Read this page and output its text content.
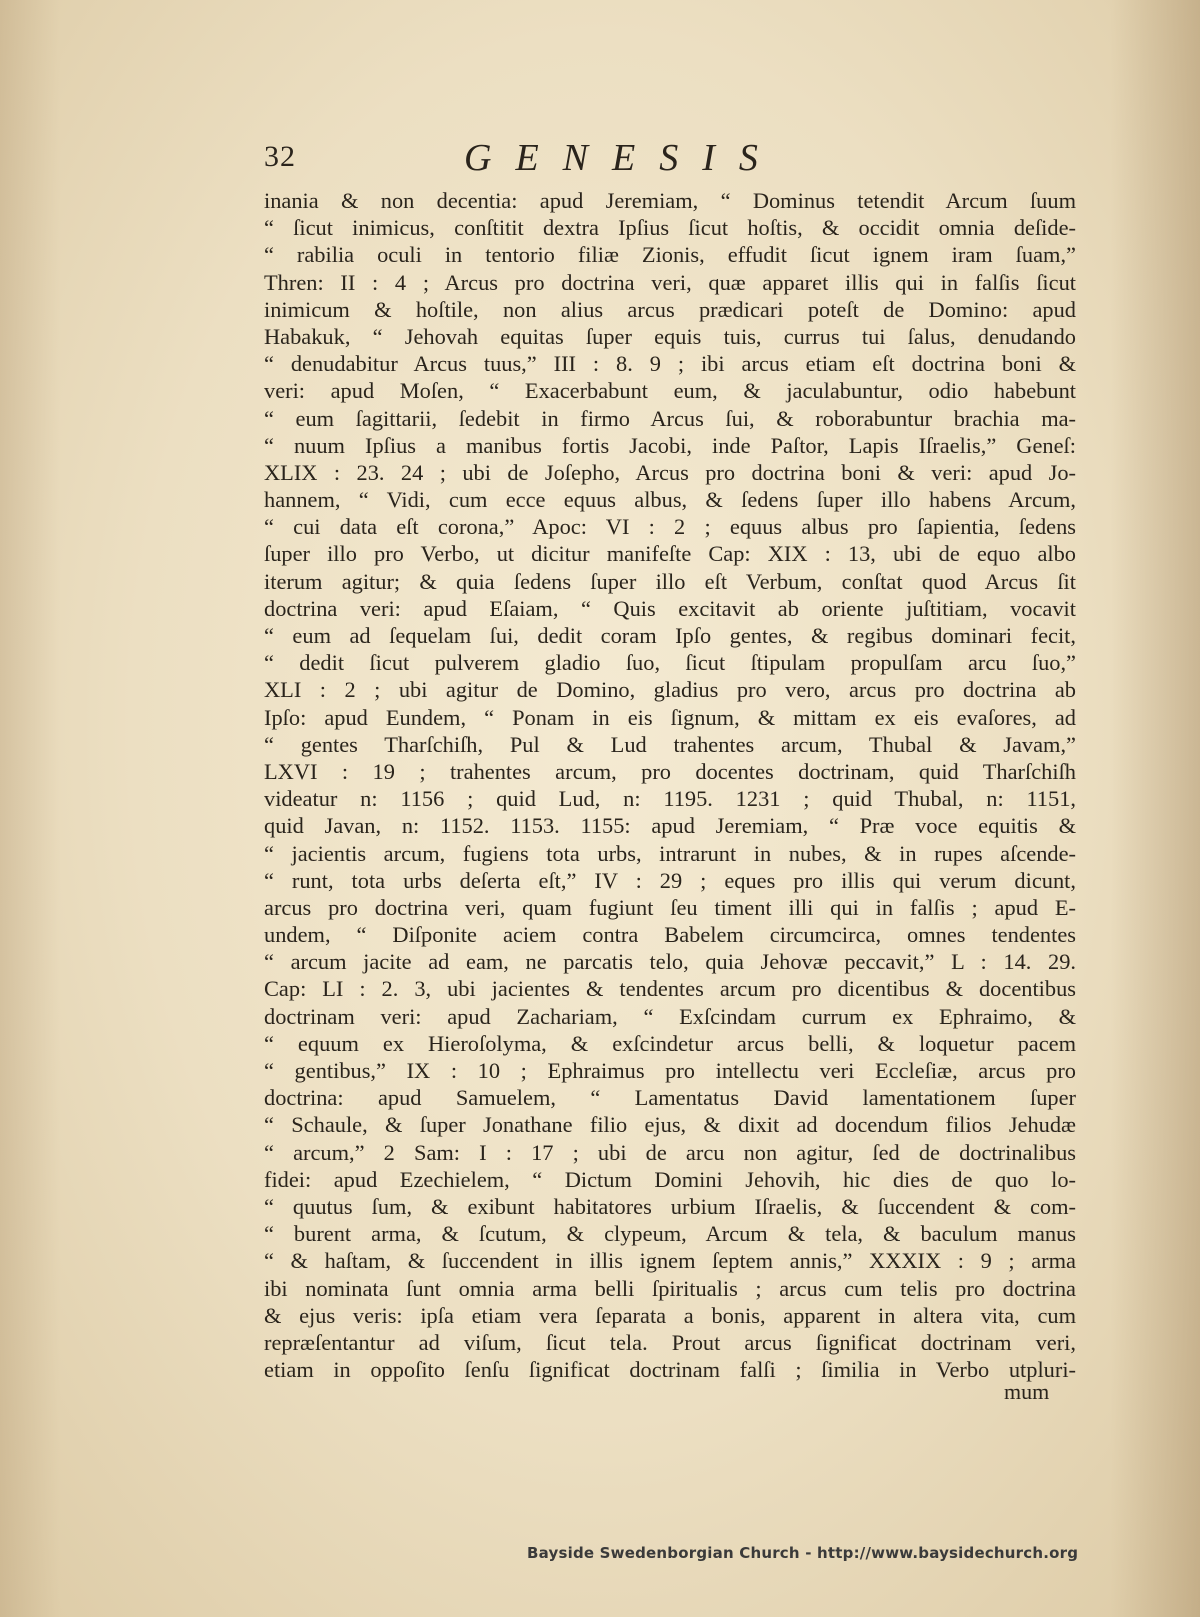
32	GENESIS
inania & non decentia: apud Jeremiam, “ Dominus tetendit Arcum ſuum
“ ſicut inimicus, conſtitit dextra Ipſius ſicut hoſtis, & occidit omnia deſide-
“ rabilia oculi in tentorio filiæ Zionis, effudit ſicut ignem iram ſuam,”
Thren: II : 4 ; Arcus pro doctrina veri, quæ apparet illis qui in falſis ſicut
inimicum & hoſtile, non alius arcus prædicari poteſt de Domino: apud
Habakuk, “ Jehovah equitas ſuper equis tuis, currus tui ſalus, denudando
“ denudabitur Arcus tuus,” III : 8. 9 ; ibi arcus etiam eſt doctrina boni &
veri: apud Moſen, “ Exacerbabunt eum, & jaculabuntur, odio habebunt
“ eum ſagittarii, ſedebit in firmo Arcus ſui, & roborabuntur brachia ma-
“ nuum Ipſius a manibus fortis Jacobi, inde Paſtor, Lapis Iſraelis,” Geneſ:
XLIX : 23. 24 ; ubi de Joſepho, Arcus pro doctrina boni & veri: apud Jo-
hannem, “ Vidi, cum ecce equus albus, & ſedens ſuper illo habens Arcum,
“ cui data eſt corona,” Apoc: VI : 2 ; equus albus pro ſapientia, ſedens
ſuper illo pro Verbo, ut dicitur manifeſte Cap: XIX : 13, ubi de equo albo
iterum agitur; & quia ſedens ſuper illo eſt Verbum, conſtat quod Arcus ſit
doctrina veri: apud Eſaiam, “ Quis excitavit ab oriente juſtitiam, vocavit
“ eum ad ſequelam ſui, dedit coram Ipſo gentes, & regibus dominari fecit,
“ dedit ſicut pulverem gladio ſuo, ſicut ſtipulam propulſam arcu ſuo,”
XLI : 2 ; ubi agitur de Domino, gladius pro vero, arcus pro doctrina ab
Ipſo: apud Eundem, “ Ponam in eis ſignum, & mittam ex eis evaſores, ad
“ gentes Tharſchiſh, Pul & Lud trahentes arcum, Thubal & Javam,”
LXVI : 19 ; trahentes arcum, pro docentes doctrinam, quid Tharſchiſh
videatur n: 1156 ; quid Lud, n: 1195. 1231 ; quid Thubal, n: 1151,
quid Javan, n: 1152. 1153. 1155: apud Jeremiam, “ Præ voce equitis &
“ jacientis arcum, fugiens tota urbs, intrarunt in nubes, & in rupes aſcende-
“ runt, tota urbs deſerta eſt,” IV : 29 ; eques pro illis qui verum dicunt,
arcus pro doctrina veri, quam fugiunt ſeu timent illi qui in falſis ; apud E-
undem, “ Diſponite aciem contra Babelem circumcirca, omnes tendentes
“ arcum jacite ad eam, ne parcatis telo, quia Jehovæ peccavit,” L : 14. 29.
Cap: LI : 2. 3, ubi jacientes & tendentes arcum pro dicentibus & docentibus
doctrinam veri: apud Zachariam, “ Exſcindam currum ex Ephraimo, &
“ equum ex Hieroſolyma, & exſcindetur arcus belli, & loquetur pacem
“ gentibus,” IX : 10 ; Ephraimus pro intellectu veri Eccleſiæ, arcus pro
doctrina: apud Samuelem, “ Lamentatus David lamentationem ſuper
“ Schaule, & ſuper Jonathane filio ejus, & dixit ad docendum filios Jehudæ
“ arcum,” 2 Sam: I : 17 ; ubi de arcu non agitur, ſed de doctrinalibus
fidei: apud Ezechielem, “ Dictum Domini Jehovih, hic dies de quo lo-
“ quutus ſum, & exibunt habitatores urbium Iſraelis, & ſuccendent & com-
“ burent arma, & ſcutum, & clypeum, Arcum & tela, & baculum manus
“ & haſtam, & ſuccendent in illis ignem ſeptem annis,” XXXIX : 9 ; arma
ibi nominata ſunt omnia arma belli ſpiritualis ; arcus cum telis pro doctrina
& ejus veris: ipſa etiam vera ſeparata a bonis, apparent in altera vita, cum
repræſentantur ad viſum, ſicut tela. Prout arcus ſignificat doctrinam veri,
etiam in oppoſito ſenſu ſignificat doctrinam falſi ; ſimilia in Verbo utpluri-
mum
Bayside Swedenborgian Church - http://www.baysidechurch.org
